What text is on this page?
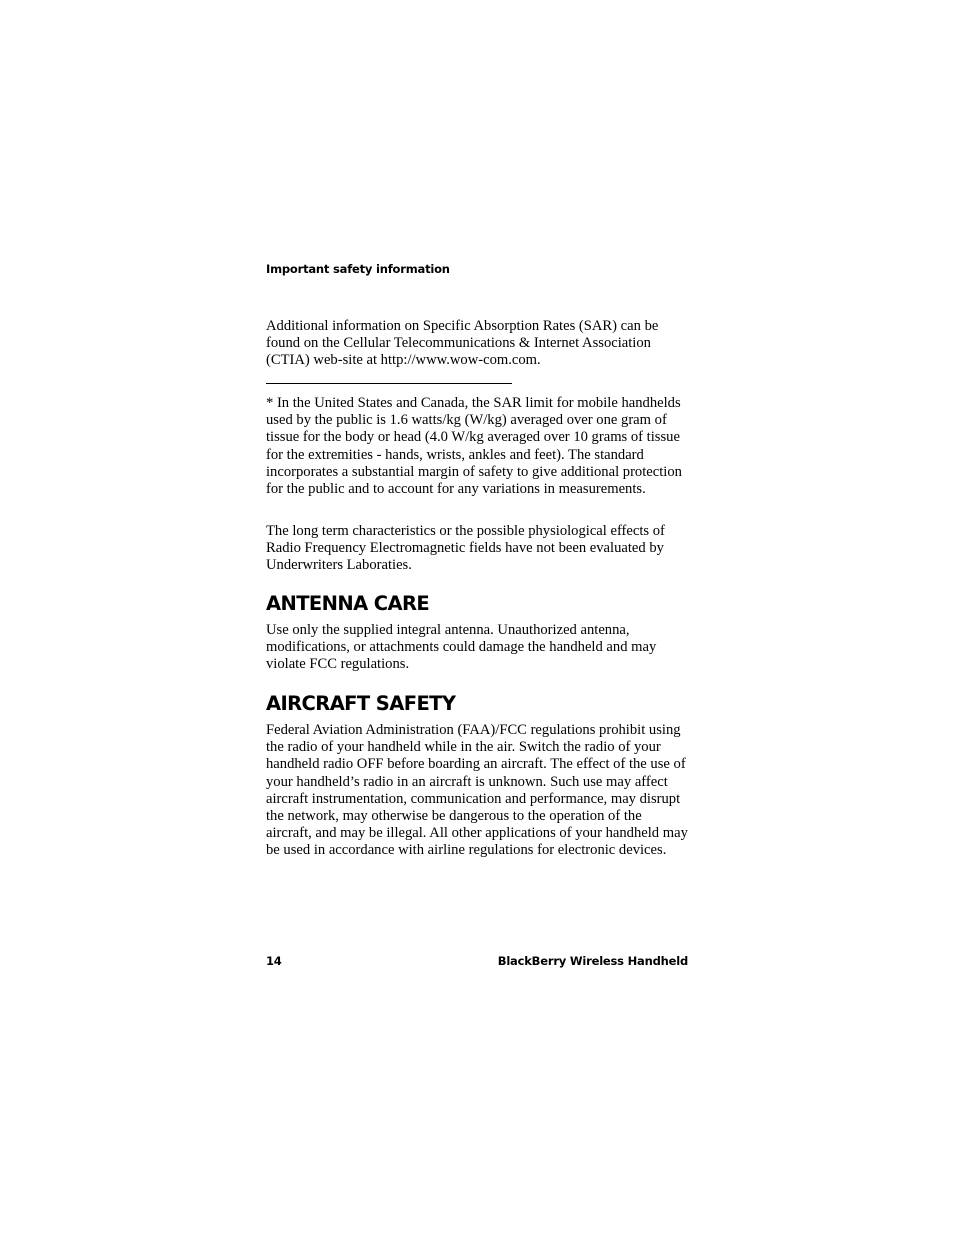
Important safety information

Additional information on Specific Absorption Rates (SAR) can be found on the Cellular Telecommunications & Internet Association (CTIA) web-site at http://www.wow-com.com.

* In the United States and Canada, the SAR limit for mobile handhelds used by the public is 1.6 watts/kg (W/kg) averaged over one gram of tissue for the body or head (4.0 W/kg averaged over 10 grams of tissue for the extremities - hands, wrists, ankles and feet). The standard incorporates a substantial margin of safety to give additional protection for the public and to account for any variations in measurements.

The long term characteristics or the possible physiological effects of Radio Frequency Electromagnetic fields have not been evaluated by Underwriters Laboraties.

ANTENNA CARE

Use only the supplied integral antenna. Unauthorized antenna, modifications, or attachments could damage the handheld and may violate FCC regulations.

AIRCRAFT SAFETY

Federal Aviation Administration (FAA)/FCC regulations prohibit using the radio of your handheld while in the air. Switch the radio of your handheld radio OFF before boarding an aircraft. The effect of the use of your handheld’s radio in an aircraft is unknown. Such use may affect aircraft instrumentation, communication and performance, may disrupt the network, may otherwise be dangerous to the operation of the aircraft, and may be illegal. All other applications of your handheld may be used in accordance with airline regulations for electronic devices.

14	BlackBerry Wireless Handheld
